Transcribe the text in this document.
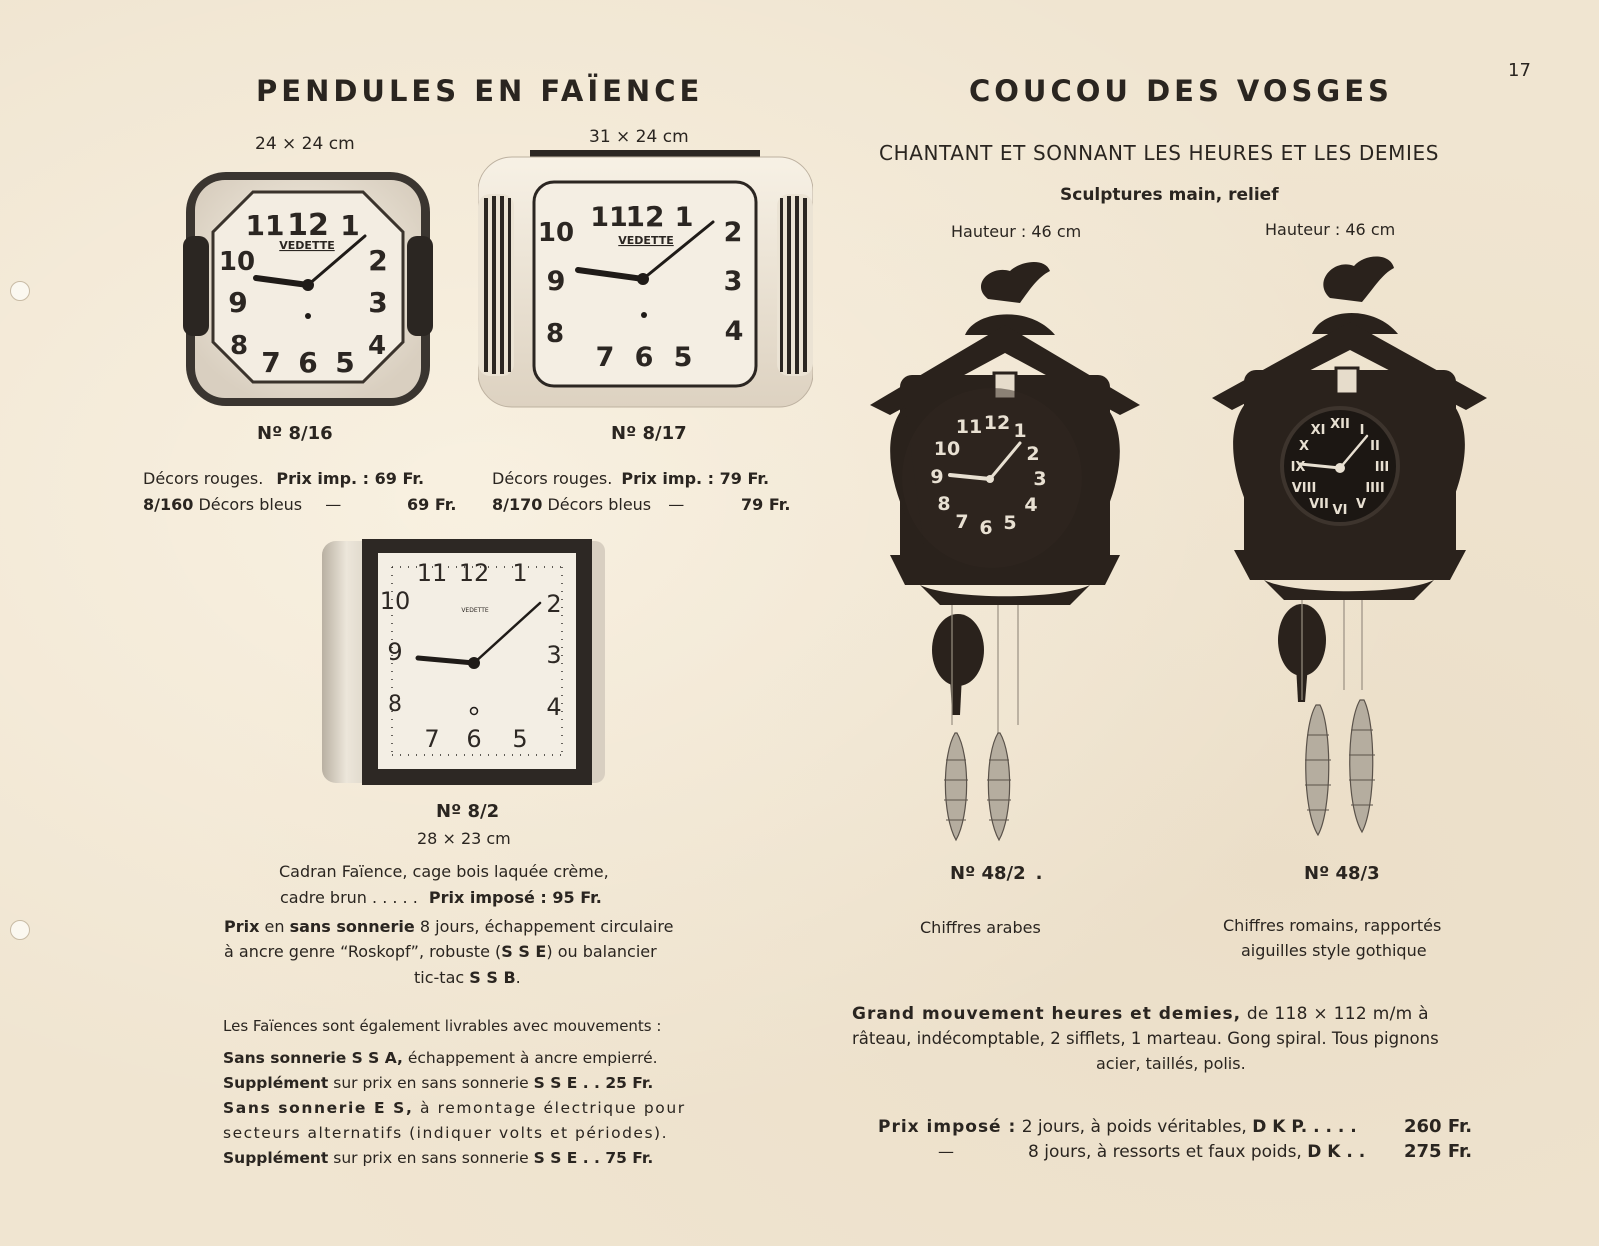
17
PENDULES EN FAÏENCE
24 × 24 cm	31 × 24 cm
12
11 1
10	2
9	3
8	4
7 6 5
VEDETTE
11
12 1
10	2
9	3
8	4
7 6 5
VEDETTE
Nº 8/16	Nº 8/17
Décors rouges. Prix imp. : 69 Fr.
8/160 Décors bleus —	69 Fr.
Décors rouges. Prix imp. : 79 Fr.
8/170 Décors bleus —	79 Fr.
11 12 1
10	2
9	3
8	4
7 6 5
VEDETTE
Nº 8/2
28 × 23 cm
Cadran Faïence, cage bois laquée crème,
cadre brun . . . . . Prix imposé : 95 Fr.
Prix en sans sonnerie 8 jours, échappement circulaire
à ancre genre “Roskopf”, robuste (S S E) ou balancier
tic-tac S S B.
Les Faïences sont également livrables avec mouvements :
Sans sonnerie S S A, échappement à ancre empierré.
Supplément sur prix en sans sonnerie S S E . . 25 Fr.
Sans sonnerie E S, à remontage électrique pour
secteurs alternatifs (indiquer volts et périodes).
Supplément sur prix en sans sonnerie S S E . . 75 Fr.
COUCOU DES VOSGES
CHANTANT ET SONNANT LES HEURES ET LES DEMIES
Sculptures main, relief
Hauteur : 46 cm	Hauteur : 46 cm
11 12 1
10	2
9	3
8	4
7 6 5
XII I
II
III
IIII
V
VI
VII
VIII
IX
X
XI
Nº 48/2 .	Nº 48/3
Chiffres arabes	Chiffres romains, rapportés
aiguilles style gothique
Grand mouvement heures et demies, de 118 × 112 m/m à
râteau, indécomptable, 2 sifflets, 1 marteau. Gong spiral. Tous pignons
acier, taillés, polis.
Prix imposé : 2 jours, à poids véritables, D K P. . . . .	260 Fr.
—	8 jours, à ressorts et faux poids, D K . . 275 Fr.
